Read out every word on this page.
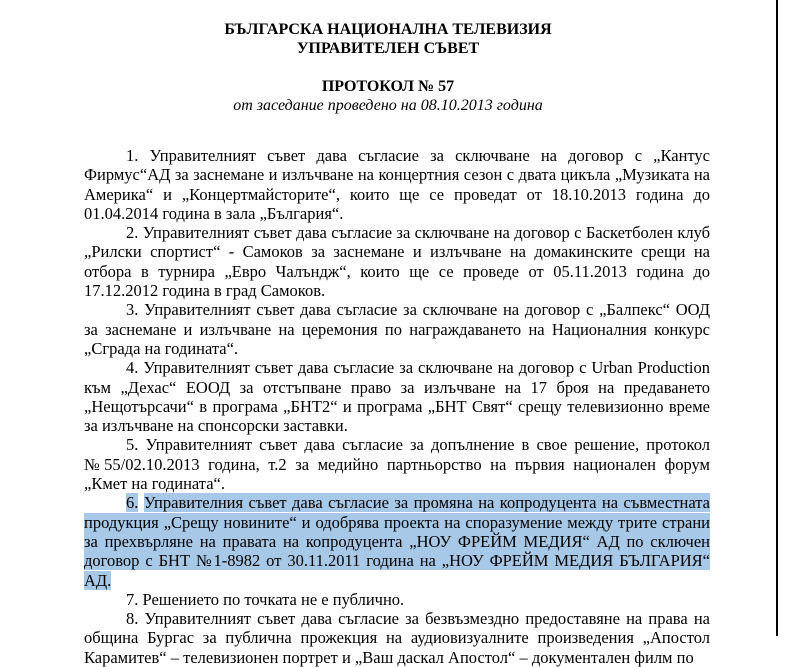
БЪЛГАРСКА НАЦИОНАЛНА ТЕЛЕВИЗИЯ
УПРАВИТЕЛЕН СЪВЕТ
ПРОТОКОЛ № 57
от заседание проведено на 08.10.2013 година

1. Управителният съвет дава съгласие за сключване на договор с „Кантус Фирмус“АД за заснемане и излъчване на концертния сезон с двата цикъла „Музиката на Америка“ и „Концертмайсторите“, които ще се проведат от 18.10.2013 година до 01.04.2014 година в зала „България“.

2. Управителният съвет дава съгласие за сключване на договор с Баскетболен клуб „Рилски спортист“ - Самоков за заснемане и излъчване на домакинските срещи на отбора в турнира „Евро Чалъндж“, които ще се проведе от 05.11.2013 година до 17.12.2012 година в град Самоков.

3. Управителният съвет дава съгласие за сключване на договор с „Балпекс“ ООД за заснемане и излъчване на церемония по награждаването на Националния конкурс „Сграда на годината“.

4. Управителният съвет дава съгласие за сключване на договор с Urban Production към „Дехас“ ЕООД за отстъпване право за излъчване на 17 броя на предаването „Нещотърсачи“ в програма „БНТ2“ и програма „БНТ Свят“ срещу телевизионно време за излъчване на спонсорски заставки.

5. Управителният съвет дава съгласие за допълнение в свое решение, протокол №55/02.10.2013 година, т.2 за медийно партньорство на първия национален форум „Кмет на годината“.

6. Управителния съвет дава съгласие за промяна на копродуцента на съвместната продукция „Срещу новините“ и одобрява проекта на споразумение между трите страни за прехвърляне на правата на копродуцента „НОУ ФРЕЙМ МЕДИЯ“ АД по сключен договор с БНТ №1-8982 от 30.11.2011 година на „НОУ ФРЕЙМ МЕДИЯ БЪЛГАРИЯ“ АД.

7. Решението по точката не е публично.

8. Управителният съвет дава съгласие за безвъзмездно предоставяне на права на община Бургас за публична прожекция на аудиовизуалните произведения „Апостол Карамитев“ – телевизионен портрет и „Ваш даскал Апостол“ – документален филм по
